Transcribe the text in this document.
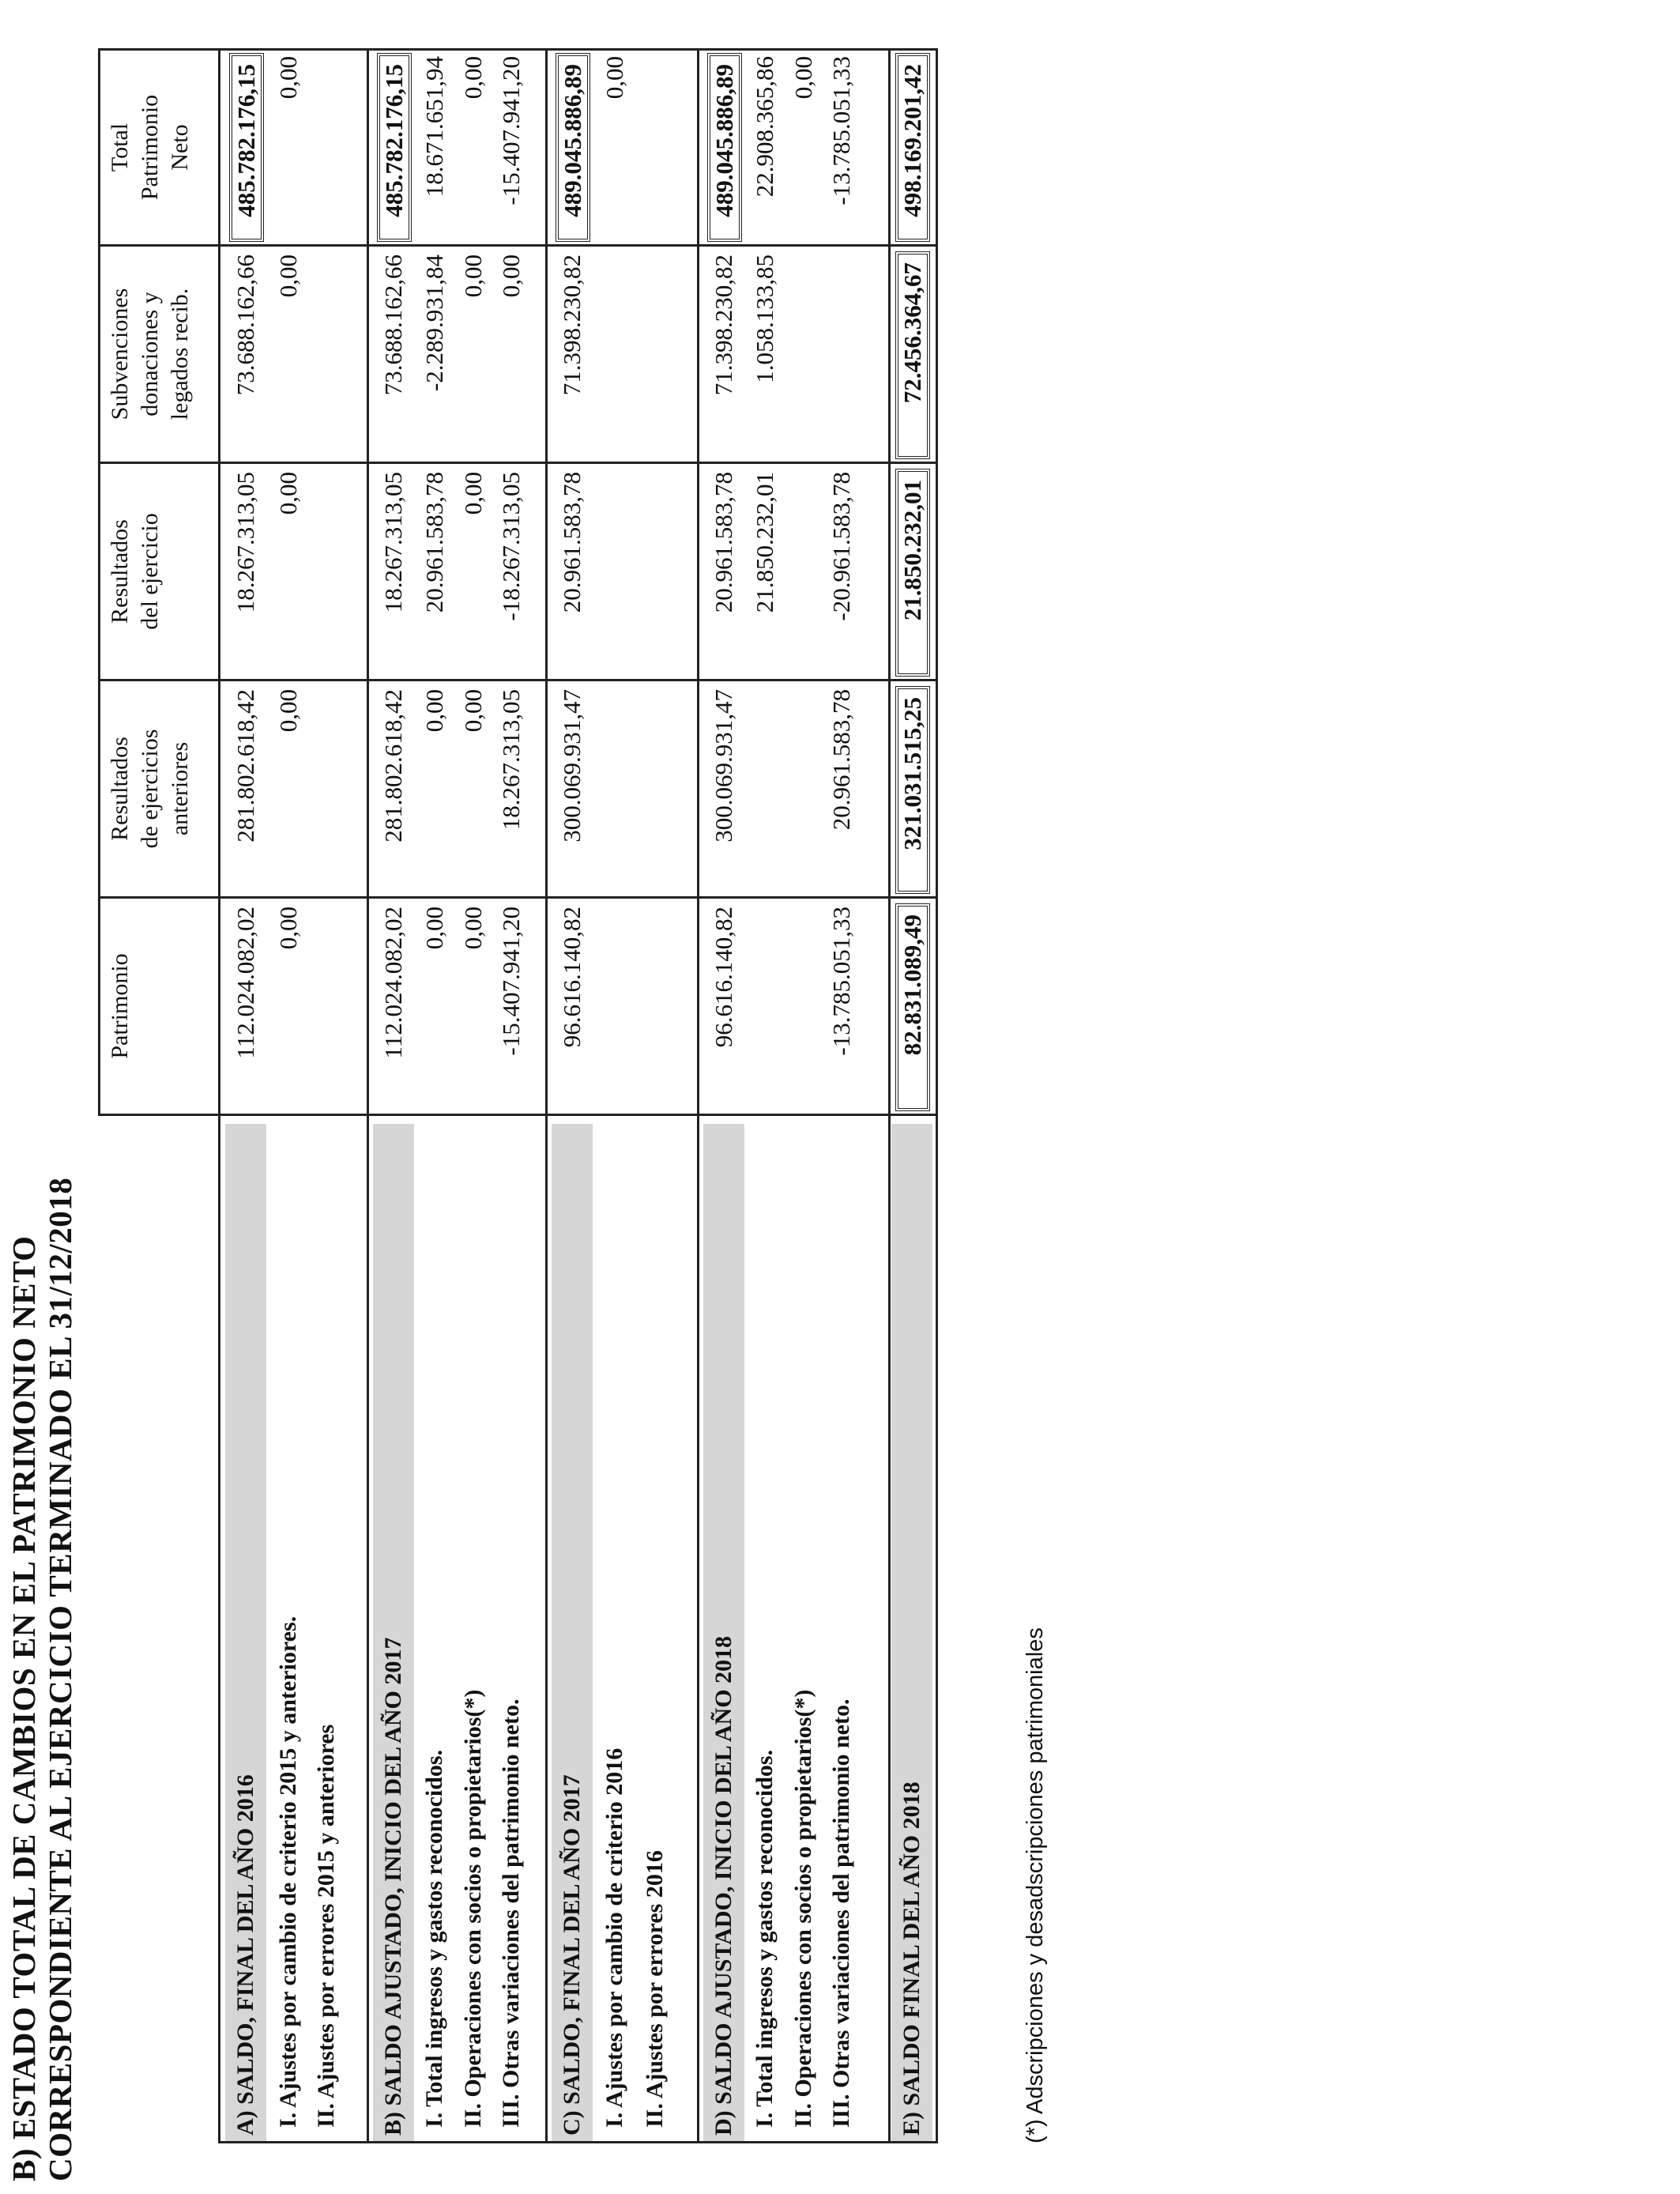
B) ESTADO TOTAL DE CAMBIOS EN EL PATRIMONIO NETO CORRESPONDIENTE AL EJERCICIO TERMINADO EL 31/12/2018
Patrimonio
Resultados de ejercicios anteriores
Resultados del ejercicio
Subvenciones donaciones y legados recib.
Total Patrimonio Neto
A) SALDO, FINAL DEL AÑO 2016
112.024.082,02
281.802.618,42
18.267.313,05
73.688.162,66
485.782.176,15
I. Ajustes por cambio de criterio 2015 y anteriores.
0,00
0,00
0,00
0,00
0,00
II. Ajustes por errores 2015 y anteriores	B) SALDO AJUSTADO, INICIO DEL AÑO 2017
112.024.082,02
281.802.618,42
18.267.313,05
73.688.162,66
485.782.176,15
I. Total ingresos y gastos reconocidos.
0,00
0,00
20.961.583,78
-2.289.931,84
18.671.651,94
II. Operaciones con socios o propietarios(*)
0,00
0,00
0,00
0,00
0,00
III. Otras variaciones del patrimonio neto.
-15.407.941,20
18.267.313,05
-18.267.313,05
0,00
-15.407.941,20
C) SALDO, FINAL DEL AÑO 2017
96.616.140,82
300.069.931,47
20.961.583,78
71.398.230,82
489.045.886,89
I. Ajustes por cambio de criterio 2016
0,00
II. Ajustes por errores 2016	D) SALDO AJUSTADO, INICIO DEL AÑO 2018
96.616.140,82
300.069.931,47
20.961.583,78
71.398.230,82
489.045.886,89
I. Total ingresos y gastos reconocidos.
21.850.232,01
1.058.133,85
22.908.365,86
II. Operaciones con socios o propietarios(*)
0,00
III. Otras variaciones del patrimonio neto.
-13.785.051,33
20.961.583,78
-20.961.583,78
-13.785.051,33
E) SALDO FINAL DEL AÑO 2018
82.831.089,49
321.031.515,25
21.850.232,01
72.456.364,67
498.169.201,42
(*) Adscripciones y desadscripciones patrimoniales
